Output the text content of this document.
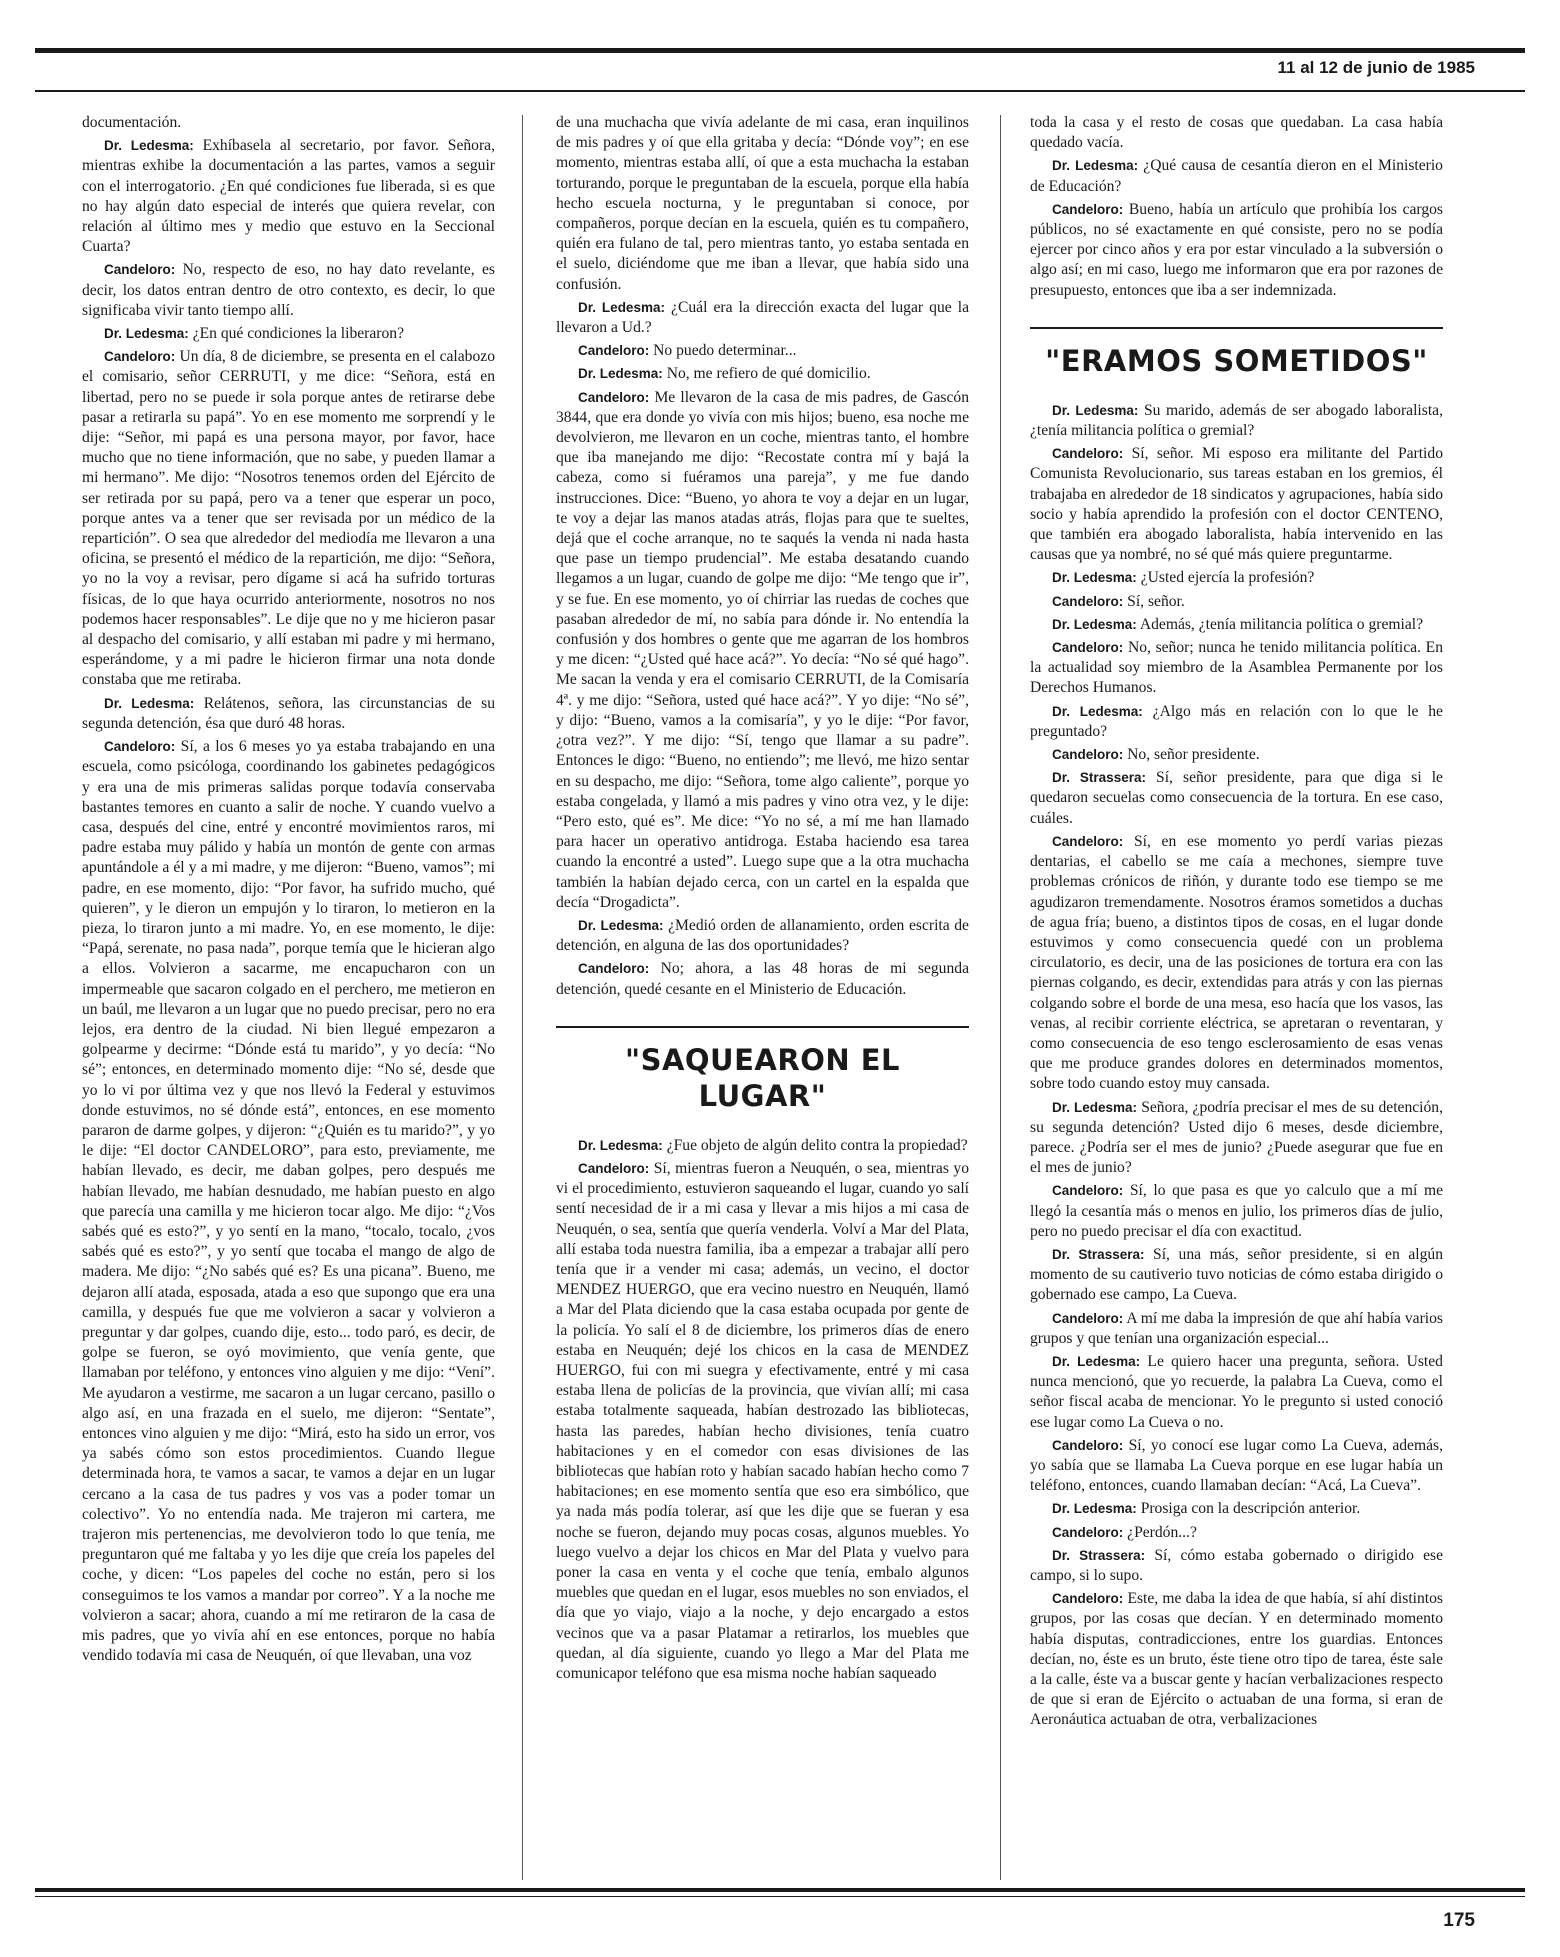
11 al 12 de junio de 1985

documentación.

Dr. Ledesma: Exhíbasela al secretario, por favor. Señora, mientras exhibe la documentación a las partes, vamos a seguir con el interrogatorio. ¿En qué condiciones fue liberada, si es que no hay algún dato especial de interés que quiera revelar, con relación al último mes y medio que estuvo en la Seccional Cuarta?

Candeloro: No, respecto de eso, no hay dato revelante, es decir, los datos entran dentro de otro contexto, es decir, lo que significaba vivir tanto tiempo allí.

Dr. Ledesma: ¿En qué condiciones la liberaron?

Candeloro: Un día, 8 de diciembre, se presenta en el calabozo el comisario, señor CERRUTI, y me dice: “Señora, está en libertad, pero no se puede ir sola porque antes de retirarse debe pasar a retirarla su papá”. Yo en ese momento me sorprendí y le dije: “Señor, mi papá es una persona mayor, por favor, hace mucho que no tiene información, que no sabe, y pueden llamar a mi hermano”. Me dijo: “Nosotros tenemos orden del Ejército de ser retirada por su papá, pero va a tener que esperar un poco, porque antes va a tener que ser revisada por un médico de la repartición”. O sea que alrededor del mediodía me llevaron a una oficina, se presentó el médico de la repartición, me dijo: “Señora, yo no la voy a revisar, pero dígame si acá ha sufrido torturas físicas, de lo que haya ocurrido anteriormente, nosotros no nos podemos hacer responsables”. Le dije que no y me hicieron pasar al despacho del comisario, y allí estaban mi padre y mi hermano, esperándome, y a mi padre le hicieron firmar una nota donde constaba que me retiraba.

Dr. Ledesma: Relátenos, señora, las circunstancias de su segunda detención, ésa que duró 48 horas.

Candeloro: Sí, a los 6 meses yo ya estaba trabajando en una escuela, como psicóloga, coordinando los gabinetes pedagógicos y era una de mis primeras salidas porque todavía conservaba bastantes temores en cuanto a salir de noche. Y cuando vuelvo a casa, después del cine, entré y encontré movimientos raros, mi padre estaba muy pálido y había un montón de gente con armas apuntándole a él y a mi madre, y me dijeron: “Bueno, vamos”; mi padre, en ese momento, dijo: “Por favor, ha sufrido mucho, qué quieren”, y le dieron un empujón y lo tiraron, lo metieron en la pieza, lo tiraron junto a mi madre. Yo, en ese momento, le dije: “Papá, serenate, no pasa nada”, porque temía que le hicieran algo a ellos. Volvieron a sacarme, me encapucharon con un impermeable que sacaron colgado en el perchero, me metieron en un baúl, me llevaron a un lugar que no puedo precisar, pero no era lejos, era dentro de la ciudad. Ni bien llegué empezaron a golpearme y decirme: “Dónde está tu marido”, y yo decía: “No sé”; entonces, en determinado momento dije: “No sé, desde que yo lo vi por última vez y que nos llevó la Federal y estuvimos donde estuvimos, no sé dónde está”, entonces, en ese momento pararon de darme golpes, y dijeron: “¿Quién es tu marido?”, y yo le dije: “El doctor CANDELORO”, para esto, previamente, me habían llevado, es decir, me daban golpes, pero después me habían llevado, me habían desnudado, me habían puesto en algo que parecía una camilla y me hicieron tocar algo. Me dijo: “¿Vos sabés qué es esto?”, y yo sentí en la mano, “tocalo, tocalo, ¿vos sabés qué es esto?”, y yo sentí que tocaba el mango de algo de madera. Me dijo: “¿No sabés qué es? Es una picana”. Bueno, me dejaron allí atada, esposada, atada a eso que supongo que era una camilla, y después fue que me volvieron a sacar y volvieron a preguntar y dar golpes, cuando dije, esto... todo paró, es decir, de golpe se fueron, se oyó movimiento, que venía gente, que llamaban por teléfono, y entonces vino alguien y me dijo: “Vení”. Me ayudaron a vestirme, me sacaron a un lugar cercano, pasillo o algo así, en una frazada en el suelo, me dijeron: “Sentate”, entonces vino alguien y me dijo: “Mirá, esto ha sido un error, vos ya sabés cómo son estos procedimientos. Cuando llegue determinada hora, te vamos a sacar, te vamos a dejar en un lugar cercano a la casa de tus padres y vos vas a poder tomar un colectivo”. Yo no entendía nada. Me trajeron mi cartera, me trajeron mis pertenencias, me devolvieron todo lo que tenía, me preguntaron qué me faltaba y yo les dije que creía los papeles del coche, y dicen: “Los papeles del coche no están, pero si los conseguimos te los vamos a mandar por correo”. Y a la noche me volvieron a sacar; ahora, cuando a mí me retiraron de la casa de mis padres, que yo vivía ahí en ese entonces, porque no había vendido todavía mi casa de Neuquén, oí que llevaban, una voz

de una muchacha que vivía adelante de mi casa, eran inquilinos de mis padres y oí que ella gritaba y decía: “Dónde voy”; en ese momento, mientras estaba allí, oí que a esta muchacha la estaban torturando, porque le preguntaban de la escuela, porque ella había hecho escuela nocturna, y le preguntaban si conoce, por compañeros, porque decían en la escuela, quién es tu compañero, quién era fulano de tal, pero mientras tanto, yo estaba sentada en el suelo, diciéndome que me iban a llevar, que había sido una confusión.

Dr. Ledesma: ¿Cuál era la dirección exacta del lugar que la llevaron a Ud.?

Candeloro: No puedo determinar...

Dr. Ledesma: No, me refiero de qué domicilio.

Candeloro: Me llevaron de la casa de mis padres, de Gascón 3844, que era donde yo vivía con mis hijos; bueno, esa noche me devolvieron, me llevaron en un coche, mientras tanto, el hombre que iba manejando me dijo: “Recostate contra mí y bajá la cabeza, como si fuéramos una pareja”, y me fue dando instrucciones. Dice: “Bueno, yo ahora te voy a dejar en un lugar, te voy a dejar las manos atadas atrás, flojas para que te sueltes, dejá que el coche arranque, no te saqués la venda ni nada hasta que pase un tiempo prudencial”. Me estaba desatando cuando llegamos a un lugar, cuando de golpe me dijo: “Me tengo que ir”, y se fue. En ese momento, yo oí chirriar las ruedas de coches que pasaban alrededor de mí, no sabía para dónde ir. No entendía la confusión y dos hombres o gente que me agarran de los hombros y me dicen: “¿Usted qué hace acá?”. Yo decía: “No sé qué hago”. Me sacan la venda y era el comisario CERRUTI, de la Comisaría 4ª. y me dijo: “Señora, usted qué hace acá?”. Y yo dije: “No sé”, y dijo: “Bueno, vamos a la comisaría”, y yo le dije: “Por favor, ¿otra vez?”. Y me dijo: “Sí, tengo que llamar a su padre”. Entonces le digo: “Bueno, no entiendo”; me llevó, me hizo sentar en su despacho, me dijo: “Señora, tome algo caliente”, porque yo estaba congelada, y llamó a mis padres y vino otra vez, y le dije: “Pero esto, qué es”. Me dice: “Yo no sé, a mí me han llamado para hacer un operativo antidroga. Estaba haciendo esa tarea cuando la encontré a usted”. Luego supe que a la otra muchacha también la habían dejado cerca, con un cartel en la espalda que decía “Drogadicta”.

Dr. Ledesma: ¿Medió orden de allanamiento, orden escrita de detención, en alguna de las dos oportunidades?

Candeloro: No; ahora, a las 48 horas de mi segunda detención, quedé cesante en el Ministerio de Educación.

"SAQUEARON EL LUGAR"

Dr. Ledesma: ¿Fue objeto de algún delito contra la propiedad?

Candeloro: Sí, mientras fueron a Neuquén, o sea, mientras yo vi el procedimiento, estuvieron saqueando el lugar, cuando yo salí sentí necesidad de ir a mi casa y llevar a mis hijos a mi casa de Neuquén, o sea, sentía que quería venderla. Volví a Mar del Plata, allí estaba toda nuestra familia, iba a empezar a trabajar allí pero tenía que ir a vender mi casa; además, un vecino, el doctor MENDEZ HUERGO, que era vecino nuestro en Neuquén, llamó a Mar del Plata diciendo que la casa estaba ocupada por gente de la policía. Yo salí el 8 de diciembre, los primeros días de enero estaba en Neuquén; dejé los chicos en la casa de MENDEZ HUERGO, fui con mi suegra y efectivamente, entré y mi casa estaba llena de policías de la provincia, que vivían allí; mi casa estaba totalmente saqueada, habían destrozado las bibliotecas, hasta las paredes, habían hecho divisiones, tenía cuatro habitaciones y en el comedor con esas divisiones de las bibliotecas que habían roto y habían sacado habían hecho como 7 habitaciones; en ese momento sentía que eso era simbólico, que ya nada más podía tolerar, así que les dije que se fueran y esa noche se fueron, dejando muy pocas cosas, algunos muebles. Yo luego vuelvo a dejar los chicos en Mar del Plata y vuelvo para poner la casa en venta y el coche que tenía, embalo algunos muebles que quedan en el lugar, esos muebles no son enviados, el día que yo viajo, viajo a la noche, y dejo encargado a estos vecinos que va a pasar Platamar a retirarlos, los muebles que quedan, al día siguiente, cuando yo llego a Mar del Plata me comunicapor teléfono que esa misma noche habían saqueado

toda la casa y el resto de cosas que quedaban. La casa había quedado vacía.

Dr. Ledesma: ¿Qué causa de cesantía dieron en el Ministerio de Educación?

Candeloro: Bueno, había un artículo que prohibía los cargos públicos, no sé exactamente en qué consiste, pero no se podía ejercer por cinco años y era por estar vinculado a la subversión o algo así; en mi caso, luego me informaron que era por razones de presupuesto, entonces que iba a ser indemnizada.

"ERAMOS SOMETIDOS"

Dr. Ledesma: Su marido, además de ser abogado laboralista, ¿tenía militancia política o gremial?

Candeloro: Sí, señor. Mi esposo era militante del Partido Comunista Revolucionario, sus tareas estaban en los gremios, él trabajaba en alrededor de 18 sindicatos y agrupaciones, había sido socio y había aprendido la profesión con el doctor CENTENO, que también era abogado laboralista, había intervenido en las causas que ya nombré, no sé qué más quiere preguntarme.

Dr. Ledesma: ¿Usted ejercía la profesión?

Candeloro: Sí, señor.

Dr. Ledesma: Además, ¿tenía militancia política o gremial?

Candeloro: No, señor; nunca he tenido militancia política. En la actualidad soy miembro de la Asamblea Permanente por los Derechos Humanos.

Dr. Ledesma: ¿Algo más en relación con lo que le he preguntado?

Candeloro: No, señor presidente.

Dr. Strassera: Sí, señor presidente, para que diga si le quedaron secuelas como consecuencia de la tortura. En ese caso, cuáles.

Candeloro: Sí, en ese momento yo perdí varias piezas dentarias, el cabello se me caía a mechones, siempre tuve problemas crónicos de riñón, y durante todo ese tiempo se me agudizaron tremendamente. Nosotros éramos sometidos a duchas de agua fría; bueno, a distintos tipos de cosas, en el lugar donde estuvimos y como consecuencia quedé con un problema circulatorio, es decir, una de las posiciones de tortura era con las piernas colgando, es decir, extendidas para atrás y con las piernas colgando sobre el borde de una mesa, eso hacía que los vasos, las venas, al recibir corriente eléctrica, se apretaran o reventaran, y como consecuencia de eso tengo esclerosamiento de esas venas que me produce grandes dolores en determinados momentos, sobre todo cuando estoy muy cansada.

Dr. Ledesma: Señora, ¿podría precisar el mes de su detención, su segunda detención? Usted dijo 6 meses, desde diciembre, parece. ¿Podría ser el mes de junio? ¿Puede asegurar que fue en el mes de junio?

Candeloro: Sí, lo que pasa es que yo calculo que a mí me llegó la cesantía más o menos en julio, los primeros días de julio, pero no puedo precisar el día con exactitud.

Dr. Strassera: Sí, una más, señor presidente, si en algún momento de su cautiverio tuvo noticias de cómo estaba dirigido o gobernado ese campo, La Cueva.

Candeloro: A mí me daba la impresión de que ahí había varios grupos y que tenían una organización especial...

Dr. Ledesma: Le quiero hacer una pregunta, señora. Usted nunca mencionó, que yo recuerde, la palabra La Cueva, como el señor fiscal acaba de mencionar. Yo le pregunto si usted conoció ese lugar como La Cueva o no.

Candeloro: Sí, yo conocí ese lugar como La Cueva, además, yo sabía que se llamaba La Cueva porque en ese lugar había un teléfono, entonces, cuando llamaban decían: “Acá, La Cueva”.

Dr. Ledesma: Prosiga con la descripción anterior.

Candeloro: ¿Perdón...?

Dr. Strassera: Sí, cómo estaba gobernado o dirigido ese campo, si lo supo.

Candeloro: Este, me daba la idea de que había, sí ahí distintos grupos, por las cosas que decían. Y en determinado momento había disputas, contradicciones, entre los guardias. Entonces decían, no, éste es un bruto, éste tiene otro tipo de tarea, éste sale a la calle, éste va a buscar gente y hacían verbalizaciones respecto de que si eran de Ejército o actuaban de una forma, si eran de Aeronáutica actuaban de otra, verbalizaciones

175
